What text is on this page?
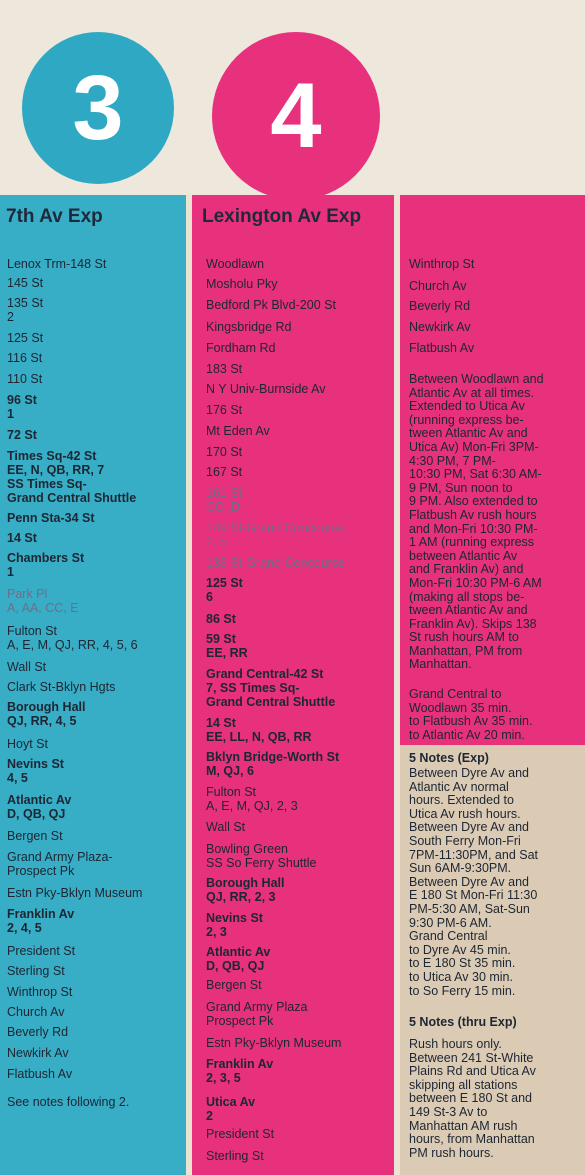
3	4
7th Av Exp	Lexington Av Exp
Lenox Trm-148 St
145 St
135 St
2
125 St
116 St
110 St
96 St
1
72 St
Times Sq-42 St
EE, N, QB, RR, 7
SS Times Sq-
Grand Central Shuttle
Penn Sta-34 St
14 St
Chambers St
1
Park Pl
A, AA, CC, E
Fulton St
A, E, M, QJ, RR, 4, 5, 6
Wall St
Clark St-Bklyn Hgts
Borough Hall
QJ, RR, 4, 5
Hoyt St
Nevins St
4, 5
Atlantic Av
D, QB, QJ
Bergen St
Grand Army Plaza-
Prospect Pk
Estn Pky-Bklyn Museum
Franklin Av
2, 4, 5
President St
Sterling St
Winthrop St
Church Av
Beverly Rd
Newkirk Av
Flatbush Av
See notes following 2.
Woodlawn
Mosholu Pky
Bedford Pk Blvd-200 St
Kingsbridge Rd
Fordham Rd
183 St
N Y Univ-Burnside Av
176 St
Mt Eden Av
170 St
167 St
161 St
CC, D
149 St-Grand Concourse
2, 5
138 St-Grand Concourse
125 St
6
86 St
59 St
EE, RR
Grand Central-42 St
7, SS Times Sq-
Grand Central Shuttle
14 St
EE, LL, N, QB, RR
Bklyn Bridge-Worth St
M, QJ, 6
Fulton St
A, E, M, QJ, 2, 3
Wall St
Bowling Green
SS So Ferry Shuttle
Borough Hall
QJ, RR, 2, 3
Nevins St
2, 3
Atlantic Av
D, QB, QJ
Bergen St
Grand Army Plaza
Prospect Pk
Estn Pky-Bklyn Museum
Franklin Av
2, 3, 5
Utica Av
2
President St
Sterling St
Winthrop St
Church Av
Beverly Rd
Newkirk Av
Flatbush Av
Between Woodlawn and
Atlantic Av at all times.
Extended to Utica Av
(running express be-
tween Atlantic Av and
Utica Av) Mon-Fri 3PM-
4:30 PM, 7 PM-
10:30 PM, Sat 6:30 AM-
9 PM, Sun noon to
9 PM. Also extended to
Flatbush Av rush hours
and Mon-Fri 10:30 PM-
1 AM (running express
between Atlantic Av
and Franklin Av) and
Mon-Fri 10:30 PM-6 AM
(making all stops be-
tween Atlantic Av and
Franklin Av). Skips 138
St rush hours AM to
Manhattan, PM from
Manhattan.
Grand Central to
Woodlawn 35 min.
to Flatbush Av 35 min.
to Atlantic Av 20 min.
5 Notes (Exp)
Between Dyre Av and
Atlantic Av normal
hours. Extended to
Utica Av rush hours.
Between Dyre Av and
South Ferry Mon-Fri
7PM-11:30PM, and Sat
Sun 6AM-9:30PM.
Between Dyre Av and
E 180 St Mon-Fri 11:30
PM-5:30 AM, Sat-Sun
9:30 PM-6 AM.
Grand Central
to Dyre Av 45 min.
to E 180 St 35 min.
to Utica Av 30 min.
to So Ferry 15 min.
5 Notes (thru Exp)
Rush hours only.
Between 241 St-White
Plains Rd and Utica Av
skipping all stations
between E 180 St and
149 St-3 Av to
Manhattan AM rush
hours, from Manhattan
PM rush hours.
